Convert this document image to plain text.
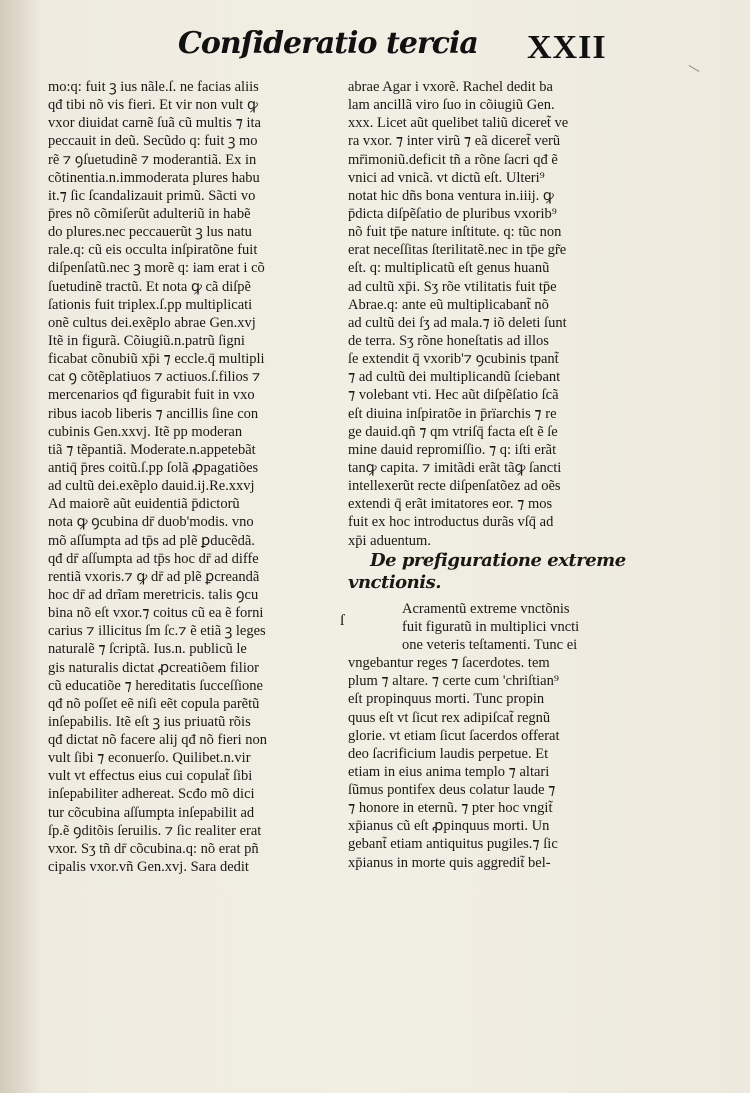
Conſideratio tercia XXII
mo:q: fuit ꝫ ius nãle.ſ. ne facias aliis
qđ tibi nõ vis fieri. Et vir non vult ꝙ
vxor diuidat carnẽ ſuã cũ multis ⁊ ita
peccauit in deũ. Secũdo q: fuit ꝫ mo
rẽ ⁊ ꝯſuetudinẽ ⁊ moderantiã. Ex in
cõtinentia.n.immoderata plures habu
it.⁊ ſic ſcandalizauit primũ. Sãcti vo
p̄res nõ cõmiſerũt adulteriũ in habẽ
do plures.nec peccauerũt ꝫ lus natu
rale.q: cũ eis occulta inſpiratõne fuit
diſpenſatũ.nec ꝫ morẽ q: iam erat i cõ
ſuetudinẽ tractũ. Et nota ꝙ cã diſpẽ
ſationis fuit triplex.ſ.pp multiplicati
onẽ cultus dei.exẽplo abrae Gen.xvj
Itẽ in figurã. Cõiugiũ.n.patrũ ſigni
ficabat cõnubiũ xp̄i ⁊ eccle.q̄ multipli
cat ꝯ cõtẽplatiuos ⁊ actiuos.ſ.filios ⁊
mercenarios qđ figurabit fuit in vxo
ribus iacob liberis ⁊ ancillis ſine con
cubinis Gen.xxvj. Itẽ pp moderan
tiã ⁊ tẽpantiã. Moderate.n.appetebãt
antiq̄ p̄res coitũ.ſ.pp ſolã ꝓpagatiões
ad cultũ dei.exẽplo dauid.ij.Re.xxvj
Ad maiorẽ aũt euidentiã p̄dictorũ
nota ꝙ ꝯcubina dr̄ duob'modis. vno
mõ aſſumpta ad tp̄s ad plẽ ꝑducẽdã.
qđ dr̄ aſſumpta ad tp̄s hoc dr̄ ad diffe
rentiã vxoris.⁊ ꝙ dr̄ ad plẽ ꝑcreandã
hoc dr̄ ad drĩam meretricis. talis ꝯcu
bina nõ eſt vxor.⁊ coitus cũ ea ẽ forni
carius ⁊ illicitus ſm ſc.⁊ ẽ etiã ꝫ leges
naturalẽ ⁊ ſcriptã. Ius.n. publicũ le
gis naturalis dictat ꝓcreatiõem filior
cũ educatiõe ⁊ hereditatis ſucceſſione
qđ nõ poſſet eẽ niſi eẽt copula parẽtũ
inſepabilis. Itẽ eſt ꝫ ius priuatũ rõis
qđ dictat nõ facere alij qđ nõ fieri non
vult ſibi ⁊ econuerſo. Quilibet.n.vir
vult vt effectus eius cui copulat̃ ſibi
inſepabiliter adhereat. Scđo mõ dici
tur cõcubina aſſumpta inſepabilit ad
ſp.ẽ ꝯditõis ſeruilis. ⁊ ſic realiter erat
vxor. Sʒ tñ dr̄ cõcubina.q: nõ erat pñ
cipalis vxor.vñ Gen.xvj. Sara dedit
abrae Agar i vxorẽ. Rachel dedit ba
lam ancillã viro ſuo in cõiugiũ Gen.
xxx. Licet aũt quelibet taliũ diceret̃ ve
ra vxor. ⁊ inter virũ ⁊ eã diceret̃ verũ
mr̄imoniũ.deficit tñ a rõne ſacri qđ ẽ
vnici ad vnicã. vt dictũ eſt. Ulteri⁹
notat hic dñs bona ventura in.iiij. ꝙ
p̄dicta diſpẽſatio de pluribus vxorib⁹
nõ fuit tp̄e nature inſtitute. q: tũc non
erat neceſſitas ſterilitatẽ.nec in tp̄e gr̃e
eſt. q: multiplicatũ eſt genus huanũ
ad cultũ xp̄i. Sʒ rõe vtilitatis fuit tp̄e
Abrae.q: ante eũ multiplicabant̃ nõ
ad cultũ dei ſʒ ad mala.⁊ iõ deleti ſunt
de terra. Sʒ rõne honeſtatis ad illos
ſe extendit q̄ vxorib'⁊ ꝯcubinis tpant̃
⁊ ad cultũ dei multiplicandũ ſciebant
⁊ volebant vti. Hec aũt diſpẽſatio ſcã
eſt diuina inſpiratõe in p̄rïarchis ⁊ re
ge dauid.qñ ⁊ qm vtriſq̄ facta eſt ẽ ſe
mine dauid repromiſſio. ⁊ q: iſti erãt
tanꝙ capita. ⁊ imitãdi erãt tãꝙ ſancti
intellexerũt recte diſpenſatõez ad oẽs
extendi q̄ erãt imitatores eor. ⁊ mos
fuit ex hoc introductus durãs vſq̄ ad
xp̄i aduentum.
De prefiguratione extreme
vnctionis.
Acramentũ extreme vnctõnis
fuit figuratũ in multiplici vncti
one veteris teſtamenti. Tunc ei
vngebantur reges ⁊ ſacerdotes. tem
plum ⁊ altare. ⁊ certe cum 'chriſtian⁹
eſt propinquus morti. Tunc propin
quus eſt vt ſicut rex adipiſcat̃ regnũ
glorie. vt etiam ſicut ſacerdos offerat
deo ſacrificium laudis perpetue. Et
etiam in eius anima templo ⁊ altari
ſũmus pontifex deus colatur laude ⁊
⁊ honore in eternũ. ⁊ pter hoc vngit̃
xp̄ianus cũ eſt ꝓpinquus morti. Un
gebant̃ etiam antiquitus pugiles.⁊ ſic
xp̄ianus in morte quis aggredit̃ bel-
ſ
